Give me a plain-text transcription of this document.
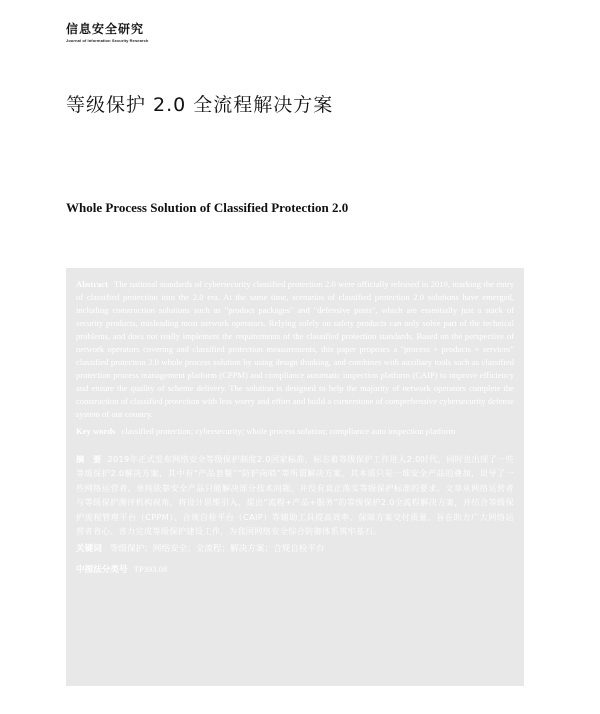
信息安全研究
Journal of Information Security Research
等级保护 2.0 全流程解决方案
Whole Process Solution of Classified Protection 2.0

Abstract The national standards of cybersecurity classified protection 2.0 were officially released in 2019, marking the entry of classified protection into the 2.0 era. At the same time, scenarios of classified protection 2.0 solutions have emerged, including construction solutions such as "product packages" and "defensive posts", which are essentially just a stack of security products, misleading most network operators. Relying solely on safety products can only solve part of the technical problems, and does not really implement the requirements of the classified protection standards. Based on the perspective of network operators covering and classified protection measurements, this paper proposes a "process + products + services" classified protection 2.0 whole process solution by using design thinking, and combines with auxiliary tools such as classified protection process management platform (CPPM) and compliance automatic inspection platform (CAIP) to improve efficiency and ensure the quality of scheme delivery. The solution is designed to help the majority of network operators complete the construction of classified protection with less worry and effort and build a cornerstone of comprehensive cybersecurity defense system of our country.

Key words classified protection; cybersecurity; whole process solution; compliance auto inspection platform

摘　要 2019年正式发布网络安全等级保护制度2.0国家标准，标志着等级保护工作进入2.0时代，同时也出现了一些等级保护2.0解决方案，其中有“产品套餐”“防护岗哨”等所谓解决方案，其本质只是一堆安全产品的叠加，误导了一些网络运营者。单纯依靠安全产品只能解决部分技术问题，并没有真正落实等级保护标准的要求。文章从网络运营者与等级保护测评机构视角，将设计思维引入，提出“流程+产品+服务”的等级保护2.0全流程解决方案，并结合等级保护流程管理平台（CPPM）、合规自检平台（CAIP）等辅助工具提高效率、保障方案交付质量，旨在助力广大网络运营者省心、省力完成等级保护建设工作，为我国网络安全综合防御体系筑牢基石。

关键词 等级保护；网络安全；全流程；解决方案；合规自检平台
中图法分类号 TP393.08
